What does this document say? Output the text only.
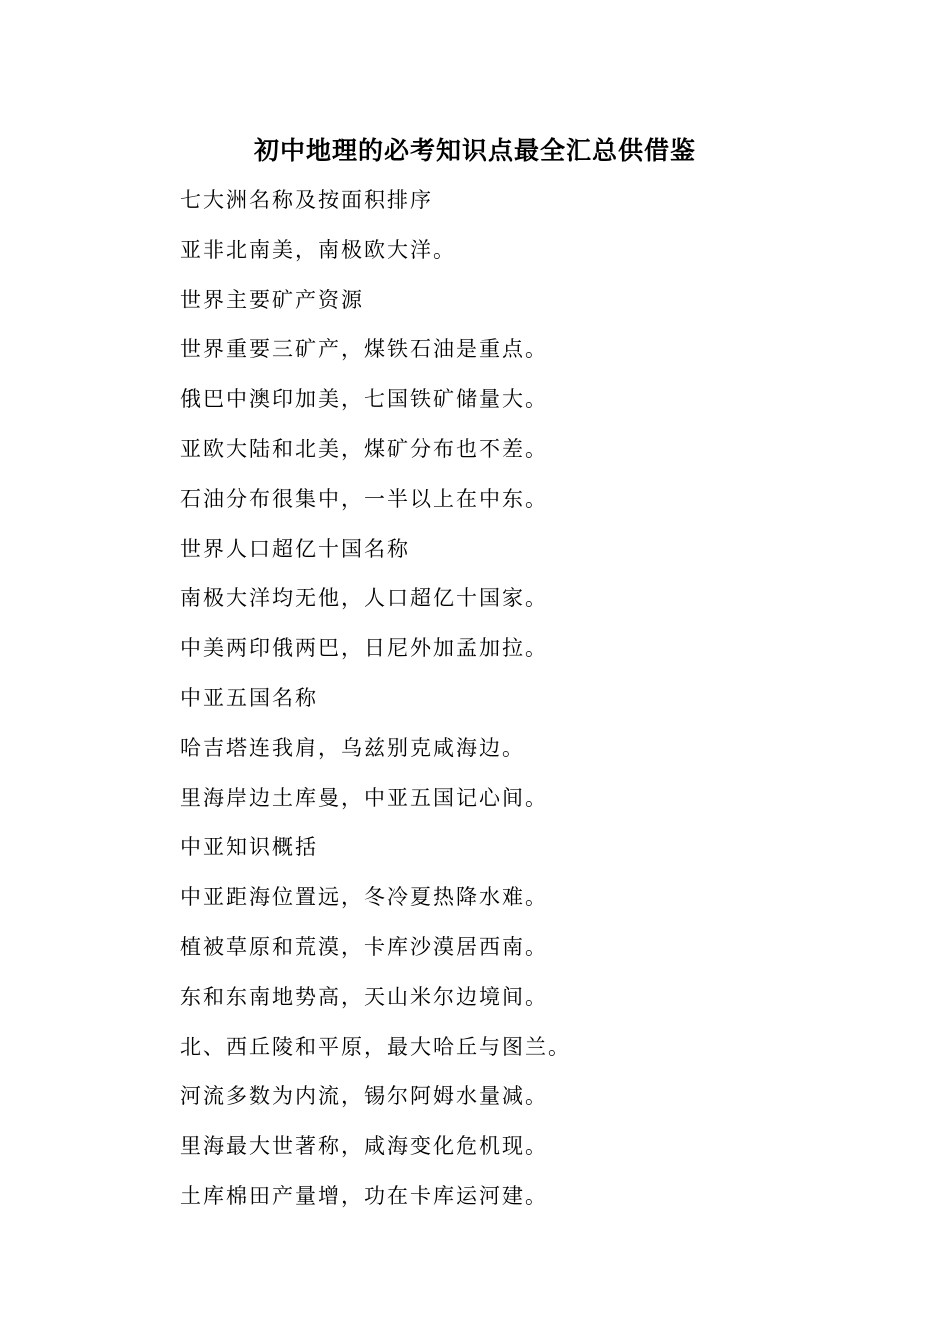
初中地理的必考知识点最全汇总供借鉴
七大洲名称及按面积排序
亚非北南美，南极欧大洋。
世界主要矿产资源
世界重要三矿产，煤铁石油是重点。
俄巴中澳印加美，七国铁矿储量大。
亚欧大陆和北美，煤矿分布也不差。
石油分布很集中，一半以上在中东。
世界人口超亿十国名称
南极大洋均无他，人口超亿十国家。
中美两印俄两巴，日尼外加孟加拉。
中亚五国名称
哈吉塔连我肩，乌兹别克咸海边。
里海岸边土库曼，中亚五国记心间。
中亚知识概括
中亚距海位置远，冬冷夏热降水难。
植被草原和荒漠，卡库沙漠居西南。
东和东南地势高，天山米尔边境间。
北、西丘陵和平原，最大哈丘与图兰。
河流多数为内流，锡尔阿姆水量减。
里海最大世著称，咸海变化危机现。
土库棉田产量增，功在卡库运河建。
